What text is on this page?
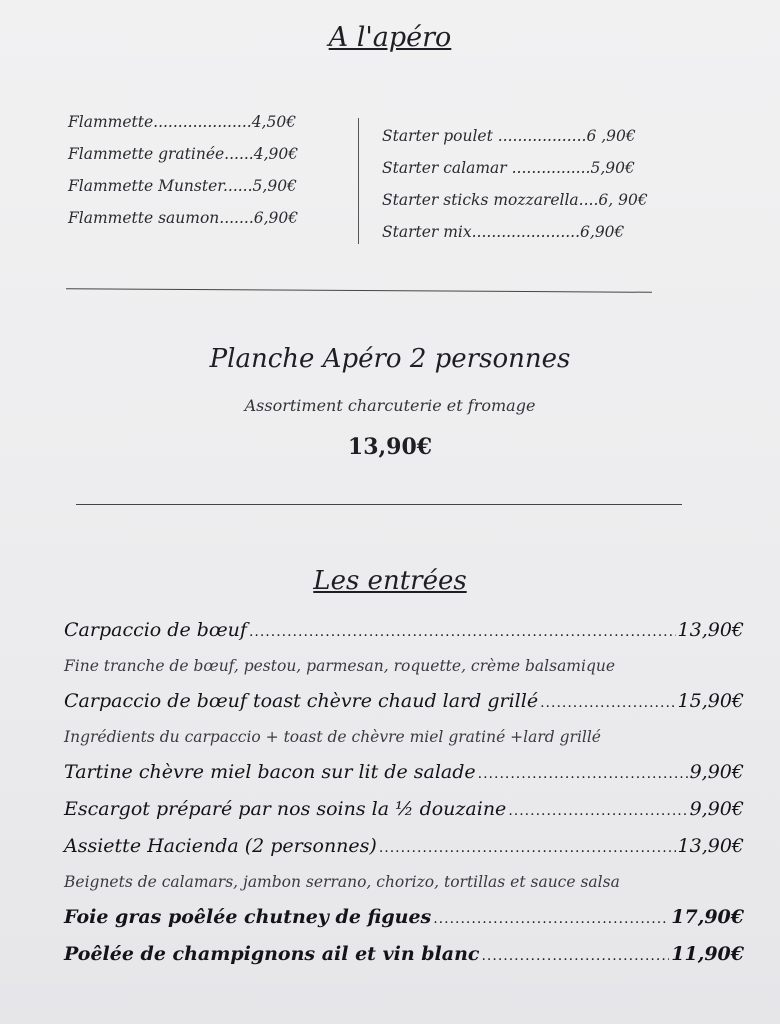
A l'apéro
Flammette....................4,50€
Flammette gratinée......4,90€
Flammette Munster......5,90€
Flammette saumon.......6,90€
Starter poulet ..................6 ,90€
Starter calamar ................5,90€
Starter sticks mozzarella....6, 90€
Starter mix......................6,90€
Planche Apéro 2 personnes
Assortiment charcuterie et fromage
13,90€
Les entrées
Carpaccio de bœuf .....	13,90€
Fine tranche de bœuf, pestou, parmesan, roquette, crème balsamique
Carpaccio de bœuf toast chèvre chaud lard grillé .....	15,90€
Ingrédients du carpaccio + toast de chèvre miel gratiné +lard grillé
Tartine chèvre miel bacon sur lit de salade .....	9,90€
Escargot préparé par nos soins la ½ douzaine .....	9,90€
Assiette Hacienda (2 personnes) .....	13,90€
Beignets de calamars, jambon serrano, chorizo, tortillas et sauce salsa
Foie gras poêlée chutney de figues .....	17,90€
Poêlée de champignons ail et vin blanc .....	11,90€
